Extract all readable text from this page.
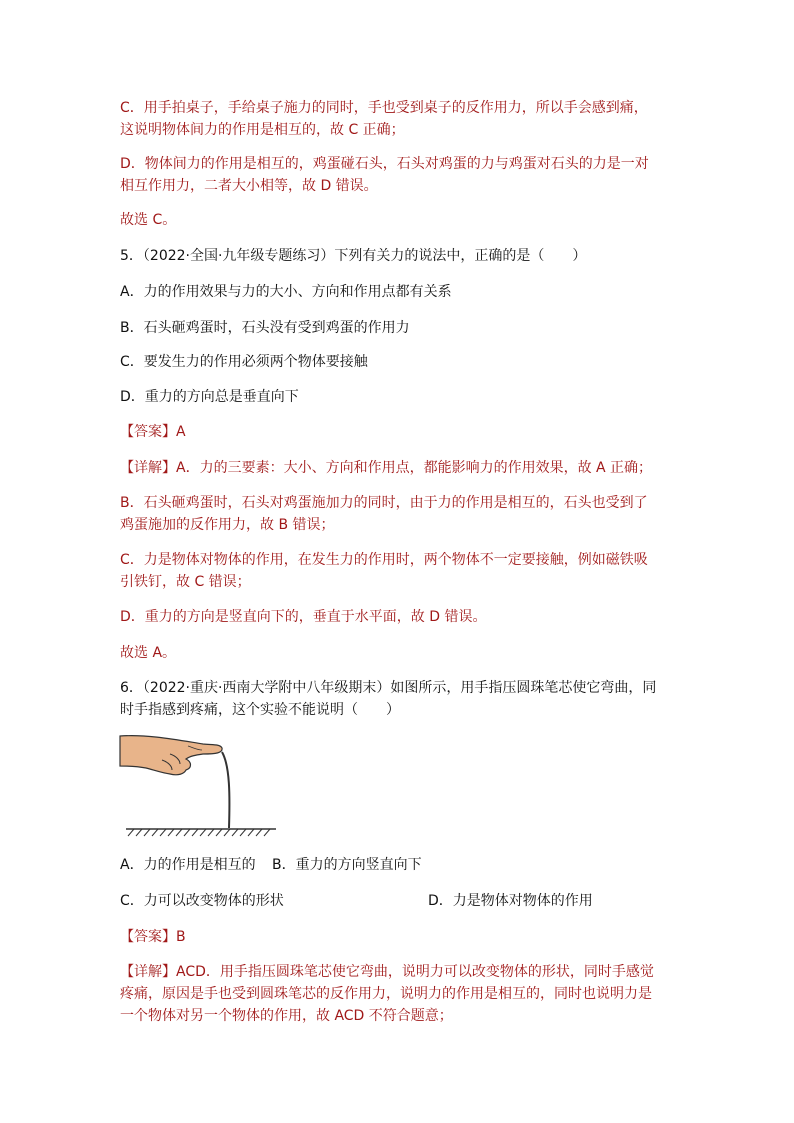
C．用手拍桌子，手给桌子施力的同时，手也受到桌子的反作用力，所以手会感到痛，

这说明物体间力的作用是相互的，故 C 正确；

D．物体间力的作用是相互的，鸡蛋碰石头，石头对鸡蛋的力与鸡蛋对石头的力是一对

相互作用力，二者大小相等，故 D 错误。

故选 C。

5．（2022·全国·九年级专题练习）下列有关力的说法中，正确的是（　　）

A．力的作用效果与力的大小、方向和作用点都有关系

B．石头砸鸡蛋时，石头没有受到鸡蛋的作用力

C．要发生力的作用必须两个物体要接触

D．重力的方向总是垂直向下

【答案】A

【详解】A．力的三要素：大小、方向和作用点，都能影响力的作用效果，故 A 正确；

B．石头砸鸡蛋时，石头对鸡蛋施加力的同时，由于力的作用是相互的，石头也受到了

鸡蛋施加的反作用力，故 B 错误；

C．力是物体对物体的作用，在发生力的作用时，两个物体不一定要接触，例如磁铁吸

引铁钉，故 C 错误；

D．重力的方向是竖直向下的，垂直于水平面，故 D 错误。

故选 A。

6．（2022·重庆·西南大学附中八年级期末）如图所示，用手指压圆珠笔芯使它弯曲，同

时手指感到疼痛，这个实验不能说明（　　）

A．力的作用是相互的 B．重力的方向竖直向下

C．力可以改变物体的形状	D．力是物体对物体的作用

【答案】B

【详解】ACD．用手指压圆珠笔芯使它弯曲，说明力可以改变物体的形状，同时手感觉

疼痛，原因是手也受到圆珠笔芯的反作用力，说明力的作用是相互的，同时也说明力是

一个物体对另一个物体的作用，故 ACD 不符合题意；
